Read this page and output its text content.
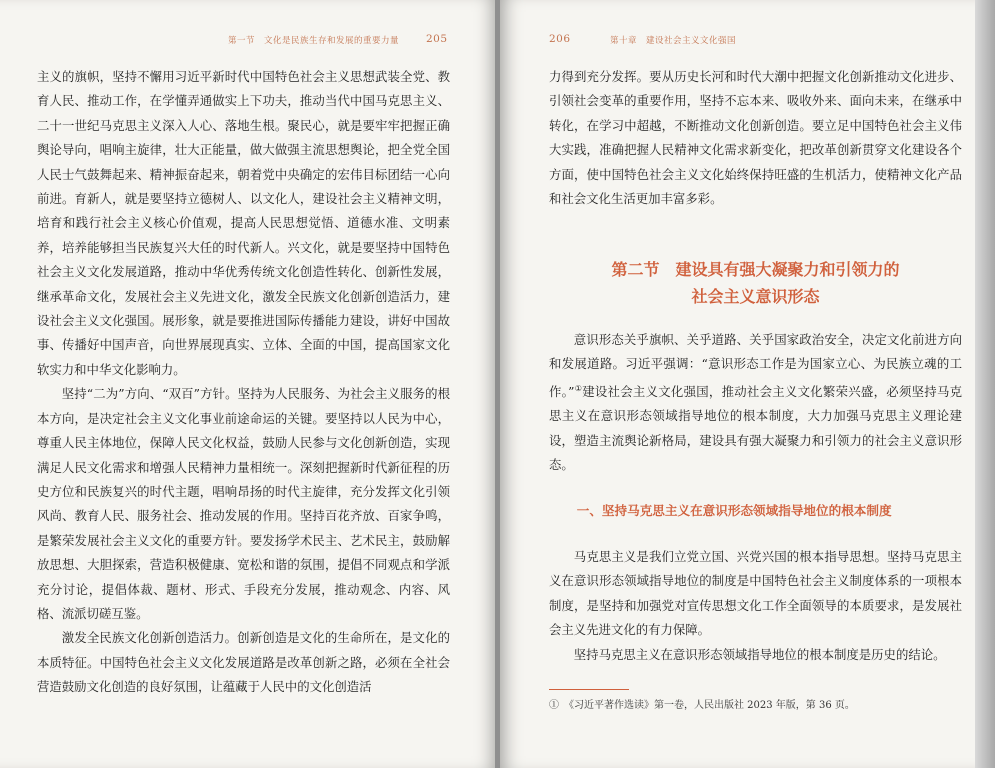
第一节　文化是民族生存和发展的重要力量	205

主义的旗帜，坚持不懈用习近平新时代中国特色社会主义思想武装全党、教育人民、推动工作，在学懂弄通做实上下功夫，推动当代中国马克思主义、二十一世纪马克思主义深入人心、落地生根。聚民心，就是要牢牢把握正确舆论导向，唱响主旋律，壮大正能量，做大做强主流思想舆论，把全党全国人民士气鼓舞起来、精神振奋起来，朝着党中央确定的宏伟目标团结一心向前进。育新人，就是要坚持立德树人、以文化人，建设社会主义精神文明，培育和践行社会主义核心价值观，提高人民思想觉悟、道德水准、文明素养，培养能够担当民族复兴大任的时代新人。兴文化，就是要坚持中国特色社会主义文化发展道路，推动中华优秀传统文化创造性转化、创新性发展，继承革命文化，发展社会主义先进文化，激发全民族文化创新创造活力，建设社会主义文化强国。展形象，就是要推进国际传播能力建设，讲好中国故事、传播好中国声音，向世界展现真实、立体、全面的中国，提高国家文化软实力和中华文化影响力。

坚持“二为”方向、“双百”方针。坚持为人民服务、为社会主义服务的根本方向，是决定社会主义文化事业前途命运的关键。要坚持以人民为中心，尊重人民主体地位，保障人民文化权益，鼓励人民参与文化创新创造，实现满足人民文化需求和增强人民精神力量相统一。深刻把握新时代新征程的历史方位和民族复兴的时代主题，唱响昂扬的时代主旋律，充分发挥文化引领风尚、教育人民、服务社会、推动发展的作用。坚持百花齐放、百家争鸣，是繁荣发展社会主义文化的重要方针。要发扬学术民主、艺术民主，鼓励解放思想、大胆探索，营造积极健康、宽松和谐的氛围，提倡不同观点和学派充分讨论，提倡体裁、题材、形式、手段充分发展，推动观念、内容、风格、流派切磋互鉴。

激发全民族文化创新创造活力。创新创造是文化的生命所在，是文化的本质特征。中国特色社会主义文化发展道路是改革创新之路，必须在全社会营造鼓励文化创造的良好氛围，让蕴藏于人民中的文化创造活

206	第十章　建设社会主义文化强国

力得到充分发挥。要从历史长河和时代大潮中把握文化创新推动文化进步、引领社会变革的重要作用，坚持不忘本来、吸收外来、面向未来，在继承中转化，在学习中超越，不断推动文化创新创造。要立足中国特色社会主义伟大实践，准确把握人民精神文化需求新变化，把改革创新贯穿文化建设各个方面，使中国特色社会主义文化始终保持旺盛的生机活力，使精神文化产品和社会文化生活更加丰富多彩。

第二节　建设具有强大凝聚力和引领力的
社会主义意识形态

意识形态关乎旗帜、关乎道路、关乎国家政治安全，决定文化前进方向和发展道路。习近平强调：“意识形态工作是为国家立心、为民族立魂的工作。”①建设社会主义文化强国，推动社会主义文化繁荣兴盛，必须坚持马克思主义在意识形态领域指导地位的根本制度，大力加强马克思主义理论建设，塑造主流舆论新格局，建设具有强大凝聚力和引领力的社会主义意识形态。

一、坚持马克思主义在意识形态领域指导地位的根本制度

马克思主义是我们立党立国、兴党兴国的根本指导思想。坚持马克思主义在意识形态领域指导地位的制度是中国特色社会主义制度体系的一项根本制度，是坚持和加强党对宣传思想文化工作全面领导的本质要求，是发展社会主义先进文化的有力保障。

坚持马克思主义在意识形态领域指导地位的根本制度是历史的结论。

①　《习近平著作选读》第一卷，人民出版社 2023 年版，第 36 页。
